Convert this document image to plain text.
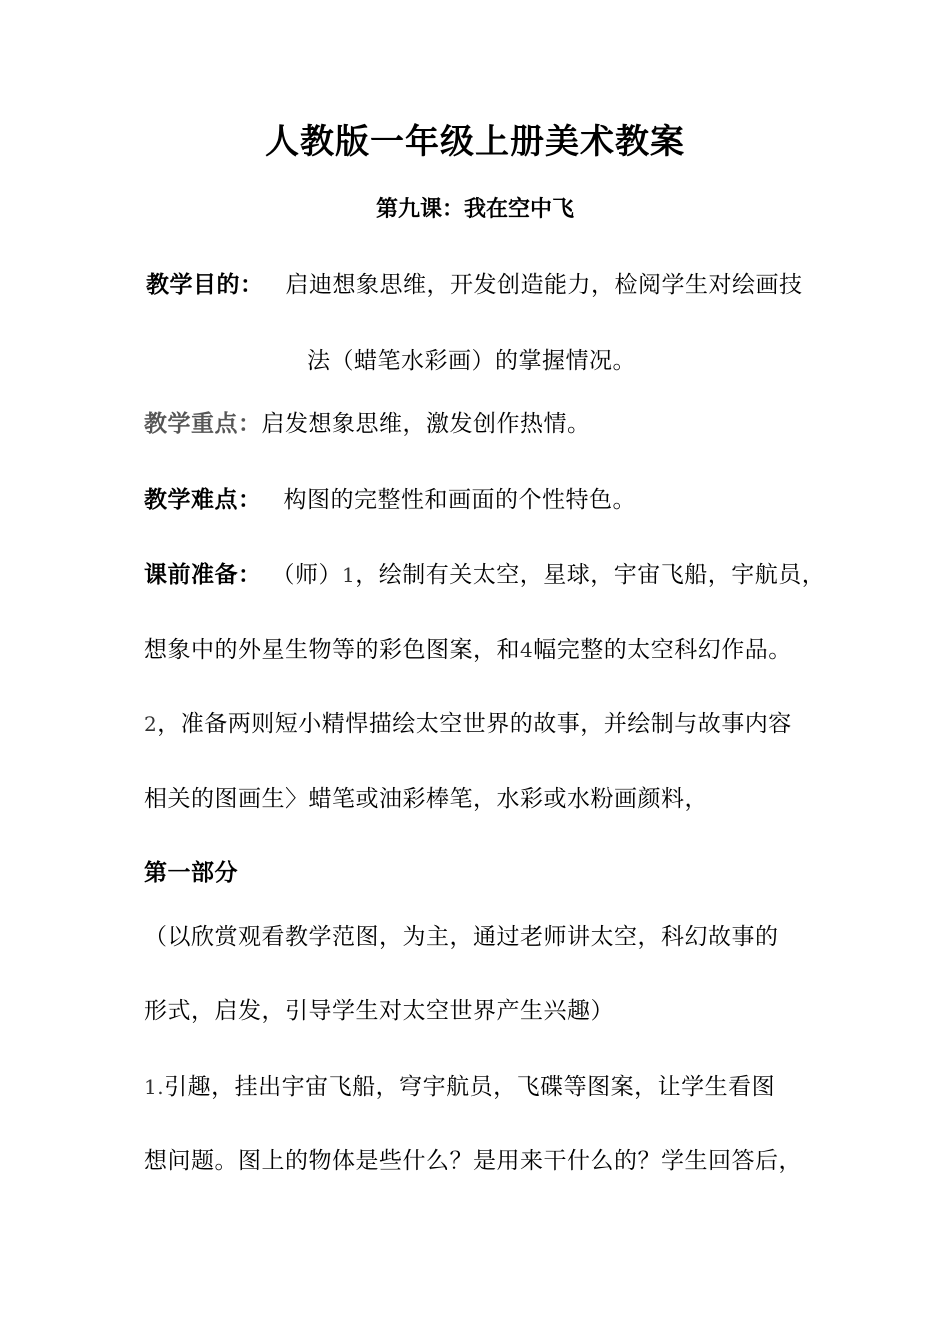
人教版一年级上册美术教案
第九课：我在空中飞
教学目的： 启迪想象思维，开发创造能力，检阅学生对绘画技
法（蜡笔水彩画）的掌握情况。
教学重点：启发想象思维，激发创作热情。
教学难点： 构图的完整性和画面的个性特色。
课前准备： （师）1，绘制有关太空，星球，宇宙飞船，宇航员，
想象中的外星生物等的彩色图案，和4幅完整的太空科幻作品。
2，准备两则短小精悍描绘太空世界的故事，并绘制与故事内容
相关的图画生〉蜡笔或油彩棒笔，水彩或水粉画颜料，
第一部分
（以欣赏观看教学范图，为主，通过老师讲太空，科幻故事的
形式，启发，引导学生对太空世界产生兴趣）
1.引趣，挂出宇宙飞船，穹宇航员，飞碟等图案，让学生看图
想问题。图上的物体是些什么？是用来干什么的？学生回答后，
